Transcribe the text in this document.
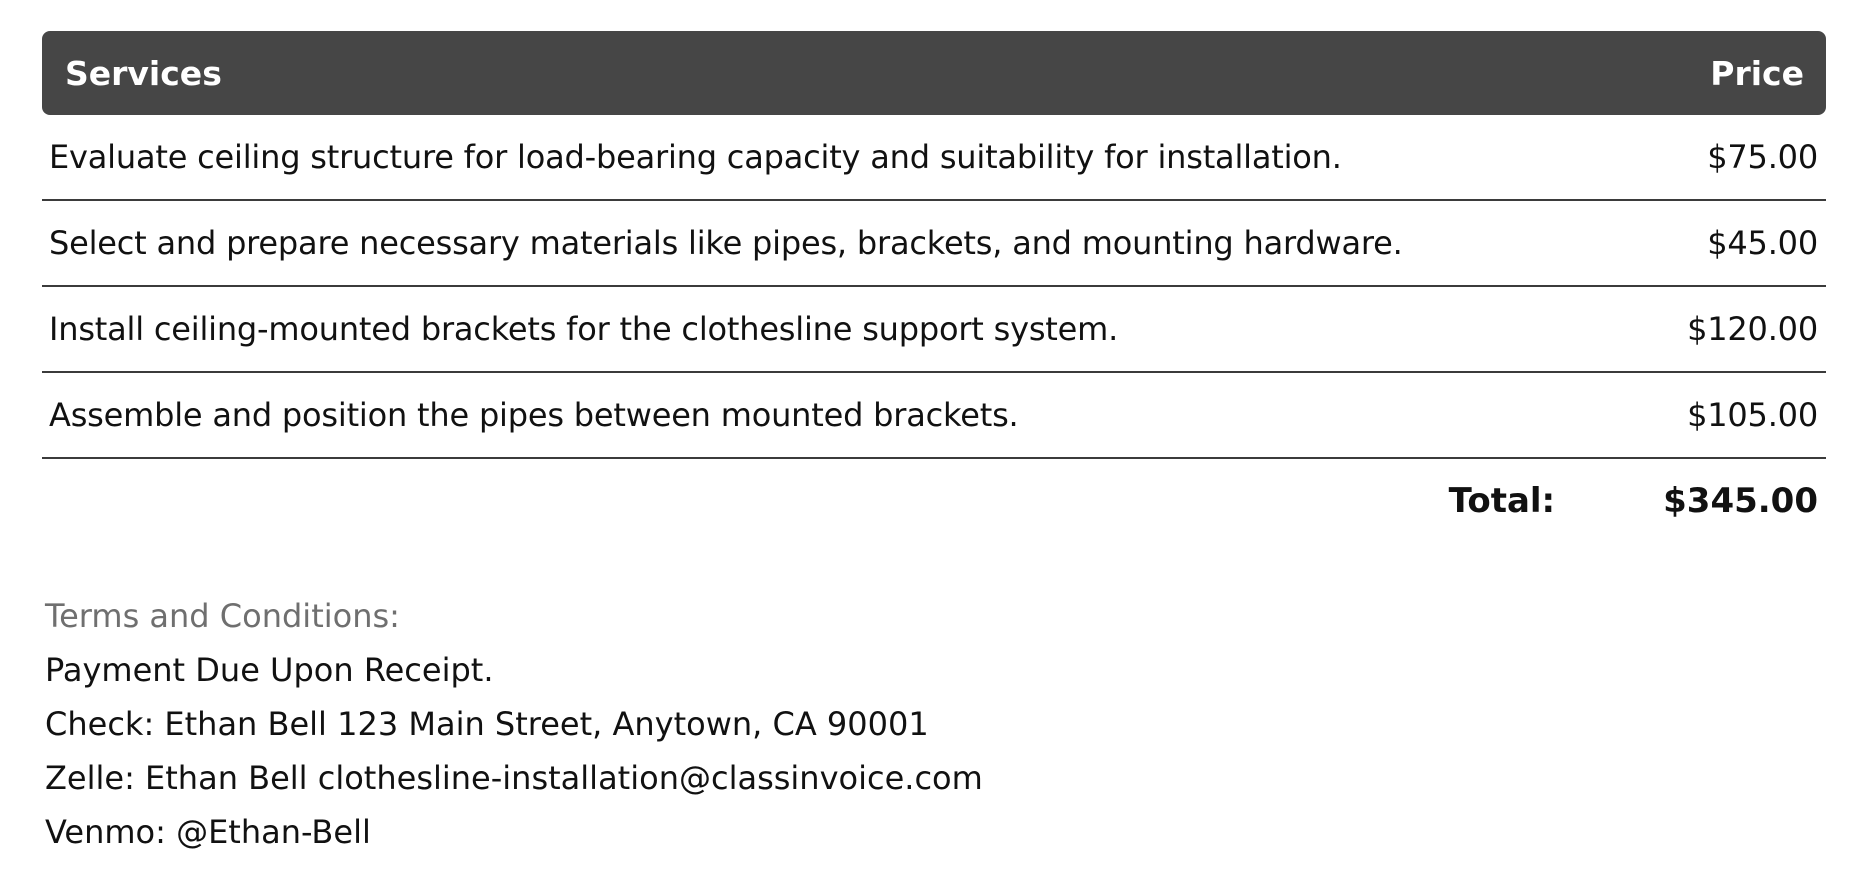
Services	Price
Evaluate ceiling structure for load-bearing capacity and suitability for installation.	$75.00
Select and prepare necessary materials like pipes, brackets, and mounting hardware.	$45.00
Install ceiling-mounted brackets for the clothesline support system.	$120.00
Assemble and position the pipes between mounted brackets.	$105.00
Total:	$345.00
Terms and Conditions:
Payment Due Upon Receipt.
Check: Ethan Bell 123 Main Street, Anytown, CA 90001
Zelle: Ethan Bell clothesline-installation@classinvoice.com
Venmo: @Ethan-Bell
